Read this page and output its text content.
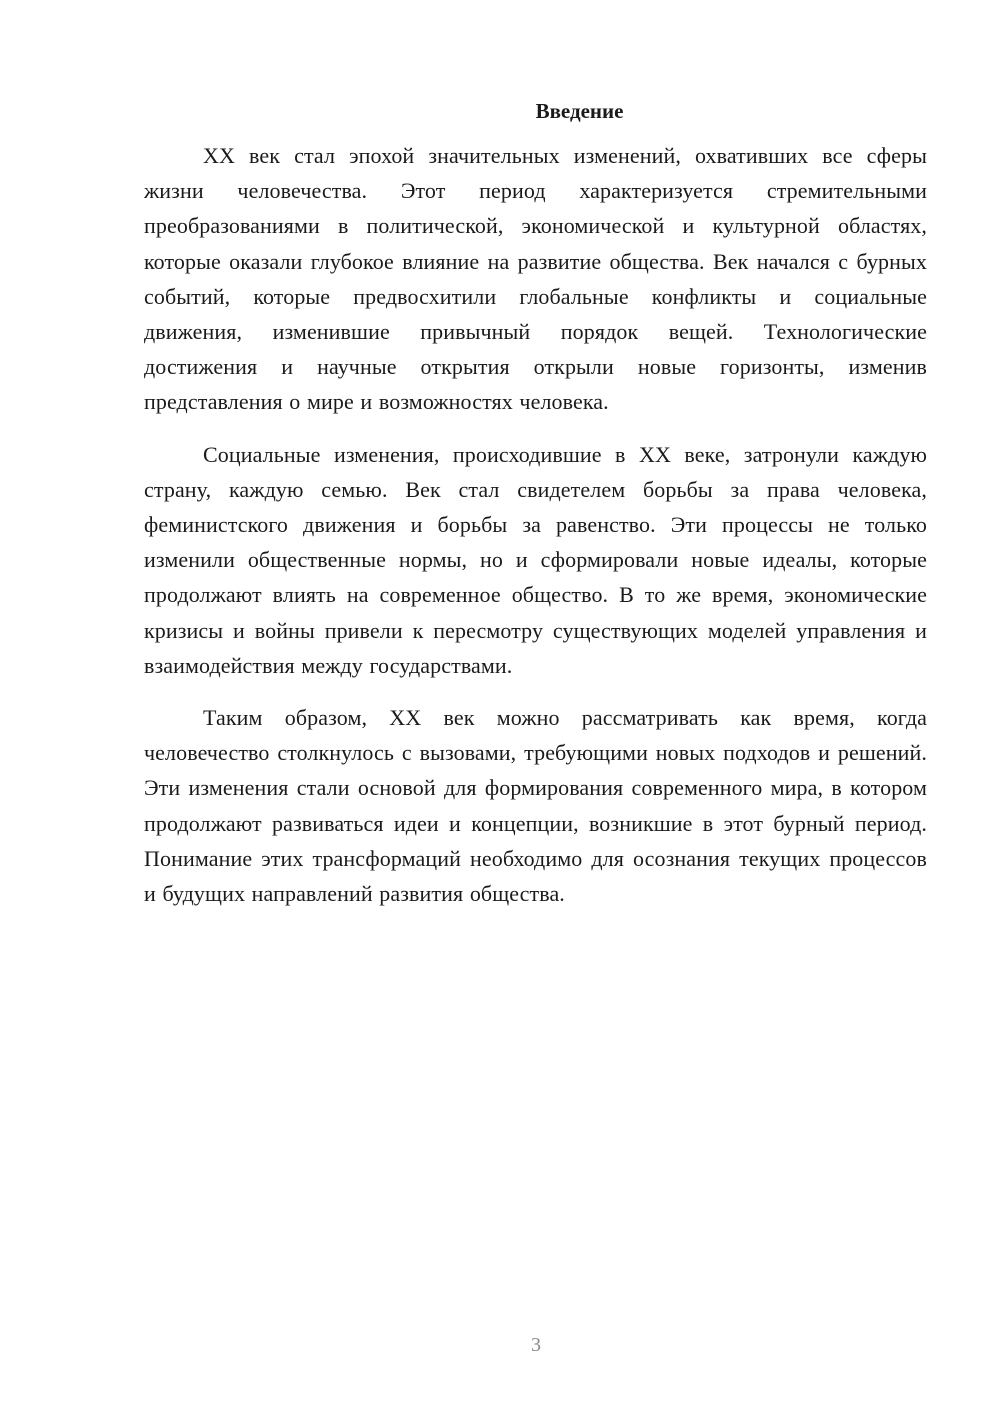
Введение

XX век стал эпохой значительных изменений, охвативших все сферы жизни человечества. Этот период характеризуется стремительными преобразованиями в политической, экономической и культурной областях, которые оказали глубокое влияние на развитие общества. Век начался с бурных событий, которые предвосхитили глобальные конфликты и социальные движения, изменившие привычный порядок вещей. Технологические достижения и научные открытия открыли новые горизонты, изменив представления о мире и возможностях человека.

Социальные изменения, происходившие в XX веке, затронули каждую страну, каждую семью. Век стал свидетелем борьбы за права человека, феминистского движения и борьбы за равенство. Эти процессы не только изменили общественные нормы, но и сформировали новые идеалы, которые продолжают влиять на современное общество. В то же время, экономические кризисы и войны привели к пересмотру существующих моделей управления и взаимодействия между государствами.

Таким образом, XX век можно рассматривать как время, когда человечество столкнулось с вызовами, требующими новых подходов и решений. Эти изменения стали основой для формирования современного мира, в котором продолжают развиваться идеи и концепции, возникшие в этот бурный период. Понимание этих трансформаций необходимо для осознания текущих процессов и будущих направлений развития общества.

3
